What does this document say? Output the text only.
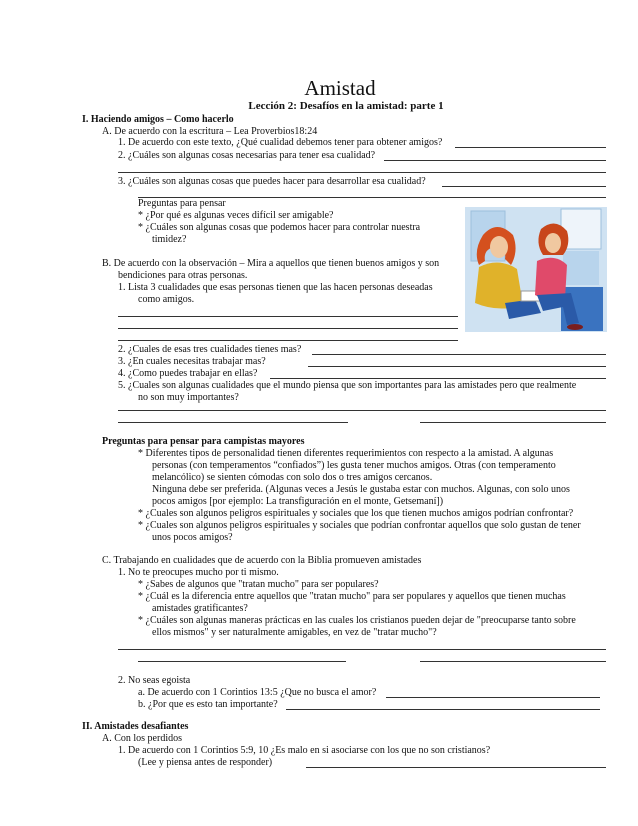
Amistad
Lección 2: Desafíos en la amistad: parte 1
I. Haciendo amigos – Como hacerlo
A. De acuerdo con la escritura – Lea Proverbios18:24
1. De acuerdo con este texto, ¿Qué cualidad debemos tener para obtener amigos?
2. ¿Cuáles son algunas cosas necesarias para tener esa cualidad?
3. ¿Cuáles son algunas cosas que puedes hacer para desarrollar esa cualidad?
Preguntas para pensar
* ¿Por qué es algunas veces difícil ser amigable?
* ¿Cuáles son algunas cosas que podemos hacer para controlar nuestra
timidez?
B. De acuerdo con la observación – Mira a aquellos que tienen buenos amigos y son
bendiciones para otras personas.
1. Lista 3 cualidades que esas personas tienen que las hacen personas deseadas
como amigos.
2. ¿Cuales de esas tres cualidades tienes mas?
3. ¿En cuales necesitas trabajar mas?
4. ¿Como puedes trabajar en ellas?
5. ¿Cuales son algunas cualidades que el mundo piensa que son importantes para las amistades pero que realmente
no son muy importantes?
Preguntas para pensar para campistas mayores
* Diferentes tipos de personalidad tienen diferentes requerimientos con respecto a la amistad. A algunas
personas (con temperamentos “confiados”) les gusta tener muchos amigos. Otras (con temperamento
melancólico) se sienten cómodas con solo dos o tres amigos cercanos.
Ninguna debe ser preferida. (Algunas veces a Jesús le gustaba estar con muchos. Algunas, con solo unos
pocos amigos [por ejemplo: La transfiguración en el monte, Getsemaní])
* ¿Cuales son algunos peligros espirituales y sociales que los que tienen muchos amigos podrían confrontar?
* ¿Cuales son algunos peligros espirituales y sociales que podrían confrontar aquellos que solo gustan de tener
unos pocos amigos?
C. Trabajando en cualidades que de acuerdo con la Biblia promueven amistades
1. No te preocupes mucho por ti mismo.
* ¿Sabes de algunos que "tratan mucho" para ser populares?
* ¿Cuál es la diferencia entre aquellos que "tratan mucho" para ser populares y aquellos que tienen muchas
amistades gratificantes?
* ¿Cuáles son algunas maneras prácticas en las cuales los cristianos pueden dejar de "preocuparse tanto sobre
ellos mismos" y ser naturalmente amigables, en vez de "tratar mucho"?
2. No seas egoista
a. De acuerdo con 1 Corintios 13:5 ¿Que no busca el amor?
b. ¿Por que es esto tan importante?
II. Amistades desafiantes
A. Con los perdidos
1. De acuerdo con 1 Corintios 5:9, 10 ¿Es malo en si asociarse con los que no son cristianos?
(Lee y piensa antes de responder)
